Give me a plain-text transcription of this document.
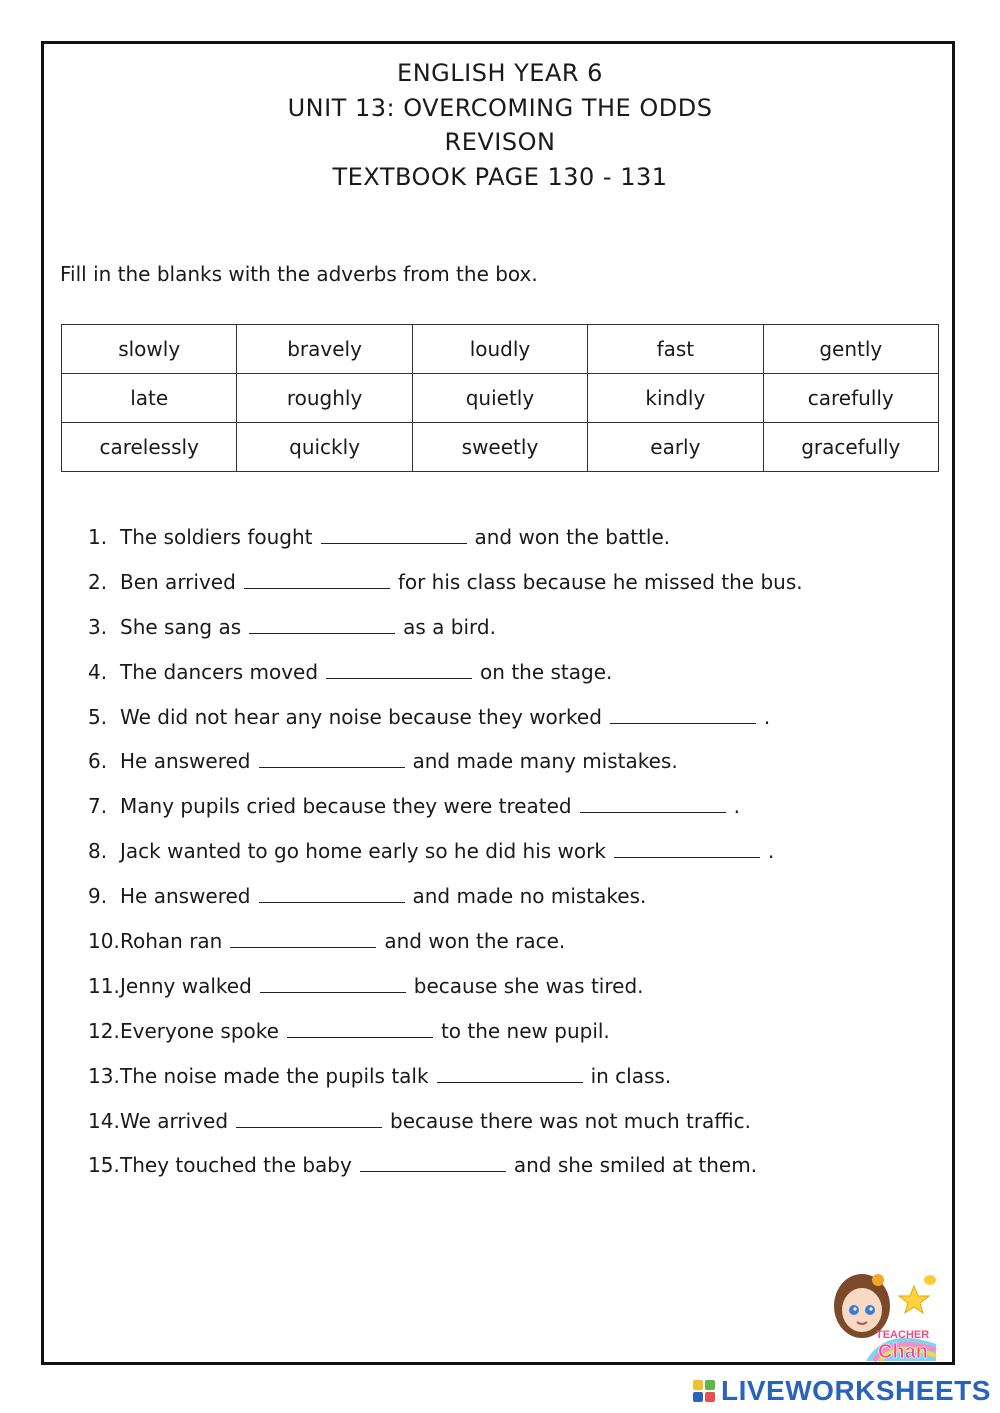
ENGLISH YEAR 6
UNIT 13: OVERCOMING THE ODDS
REVISON
TEXTBOOK PAGE 130 - 131
Fill in the blanks with the adverbs from the box.
slowly	bravely	loudly	fast	gently
late	roughly	quietly	kindly	carefully
carelessly	quickly	sweetly	early	gracefully
1. The soldiers fought	and won the battle.
2. Ben arrived	for his class because he missed the bus.
3. She sang as	as a bird.
4. The dancers moved	on the stage.
5. We did not hear any noise because they worked	.
6. He answered	and made many mistakes.
7. Many pupils cried because they were treated	.
8. Jack wanted to go home early so he did his work	.
9. He answered	and made no mistakes.
10. Rohan ran	and won the race.
11. Jenny walked	because she was tired.
12. Everyone spoke	to the new pupil.
13. The noise made the pupils talk	in class.
14. We arrived	because there was not much traffic.
15. They touched the baby	and she smiled at them.
TEACHER
Chan
LIVEWORKSHEETS
